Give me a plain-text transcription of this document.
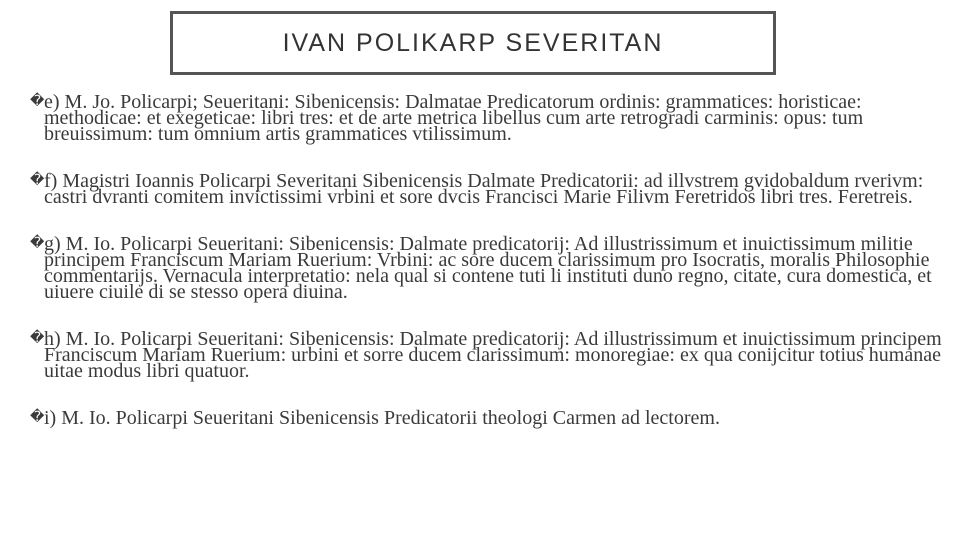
IVAN POLIKARP SEVERITAN

� e) M. Jo. Policarpi; Seueritani: Sibenicensis: Dalmatae Predicatorum ordinis: grammatices: horisticae: methodicae: et exegeticae: libri tres: et de arte metrica libellus cum arte retrogradi carminis: opus: tum breuissimum: tum omnium artis grammatices vtilissimum.

� f) Magistri Ioannis Policarpi Severitani Sibenicensis Dalmate Predicatorii: ad illvstrem gvidobaldum rverivm: castri dvranti comitem invictissimi vrbini et sore dvcis Francisci Marie Filivm Feretridos libri tres. Feretreis.

� g) M. Io. Policarpi Seueritani: Sibenicensis: Dalmate predicatorij: Ad illustrissimum et inuictissimum militie principem Franciscum Mariam Ruerium: Vrbini: ac sore ducem clarissimum pro Isocratis, moralis Philosophie commentarijs. Vernacula interpretatio: nela qual si contene tuti li instituti duno regno, citate, cura domestica, et uiuere ciuile di se stesso opera diuina.

� h) M. Io. Policarpi Seueritani: Sibenicensis: Dalmate predicatorij: Ad illustrissimum et inuictissimum principem Franciscum Mariam Ruerium: urbini et sorre ducem clarissimum: monoregiae: ex qua conijcitur totius humanae uitae modus libri quatuor.

� i) M. Io. Policarpi Seueritani Sibenicensis Predicatorii theologi Carmen ad lectorem.
